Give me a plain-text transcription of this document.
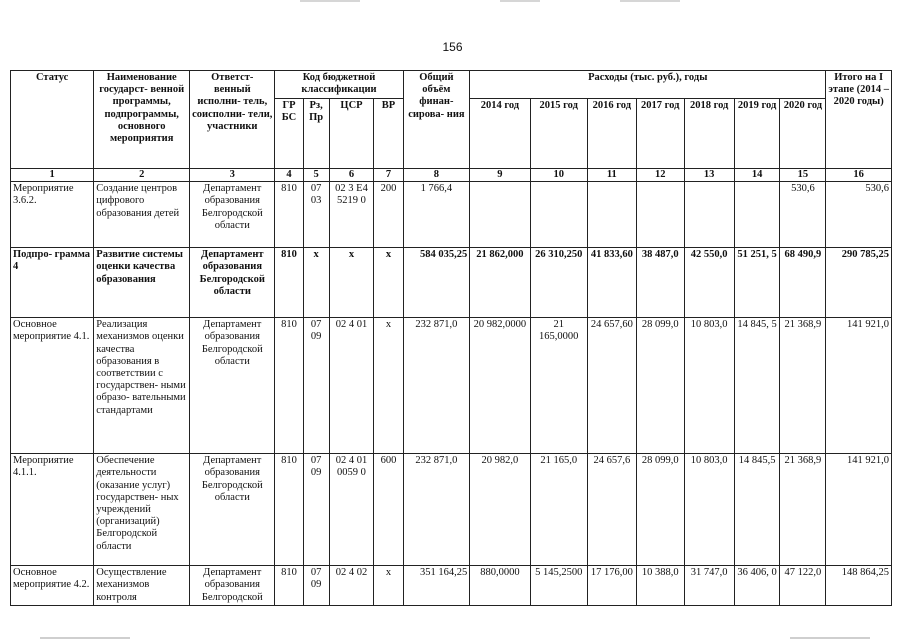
156
Статус	Наименование государст- венной программы, подпрограммы, основного мероприятия	Ответст- венный исполни- тель, соисполни- тели, участники	Код бюджетной классификации				Общий объём финан- сирова- ния	Расходы (тыс. руб.), годы							Итого на I этапе (2014 – 2020 годы)
			ГР БС	Рз, Пр	ЦСР	ВР		2014 год	2015 год	2016 год	2017 год	2018 год	2019 год	2020 год	
1	2	3	4	5	6	7	8	9	10	11	12	13	14	15	16
Мероприятие 3.6.2.	Создание центров цифрового образования детей	Департамент образования Белгородской области	810	07 03	02 3 E4 5219 0	200	1 766,4							530,6	530,6
Подпро- грамма 4	Развитие системы оценки качества образования	Департамент образования Белгородской области	810	x	x	x	584 035,25	21 862,000	26 310,250	41 833,60	38 487,0	42 550,0	51 251, 5	68 490,9	290 785,25
Основное мероприятие 4.1.	Реализация механизмов оценки качества образования в соответствии с государствен- ными образо- вательными стандартами	Департамент образования Белгородской области	810	07 09	02 4 01	x	232 871,0	20 982,0000	21 165,0000	24 657,60	28 099,0	10 803,0	14 845, 5	21 368,9	141 921,0
Мероприятие 4.1.1.	Обеспечение деятельности (оказание услуг) государствен- ных учреждений (организаций) Белгородской области	Департамент образования Белгородской области	810	07 09	02 4 01 0059 0	600	232 871,0	20 982,0	21 165,0	24 657,6	28 099,0	10 803,0	14 845,5	21 368,9	141 921,0
Основное мероприятие 4.2.	Осуществление механизмов контроля	Департамент образования Белгородской	810	07 09	02 4 02	x	351 164,25	880,0000	5 145,2500	17 176,00	10 388,0	31 747,0	36 406, 0	47 122,0	148 864,25
